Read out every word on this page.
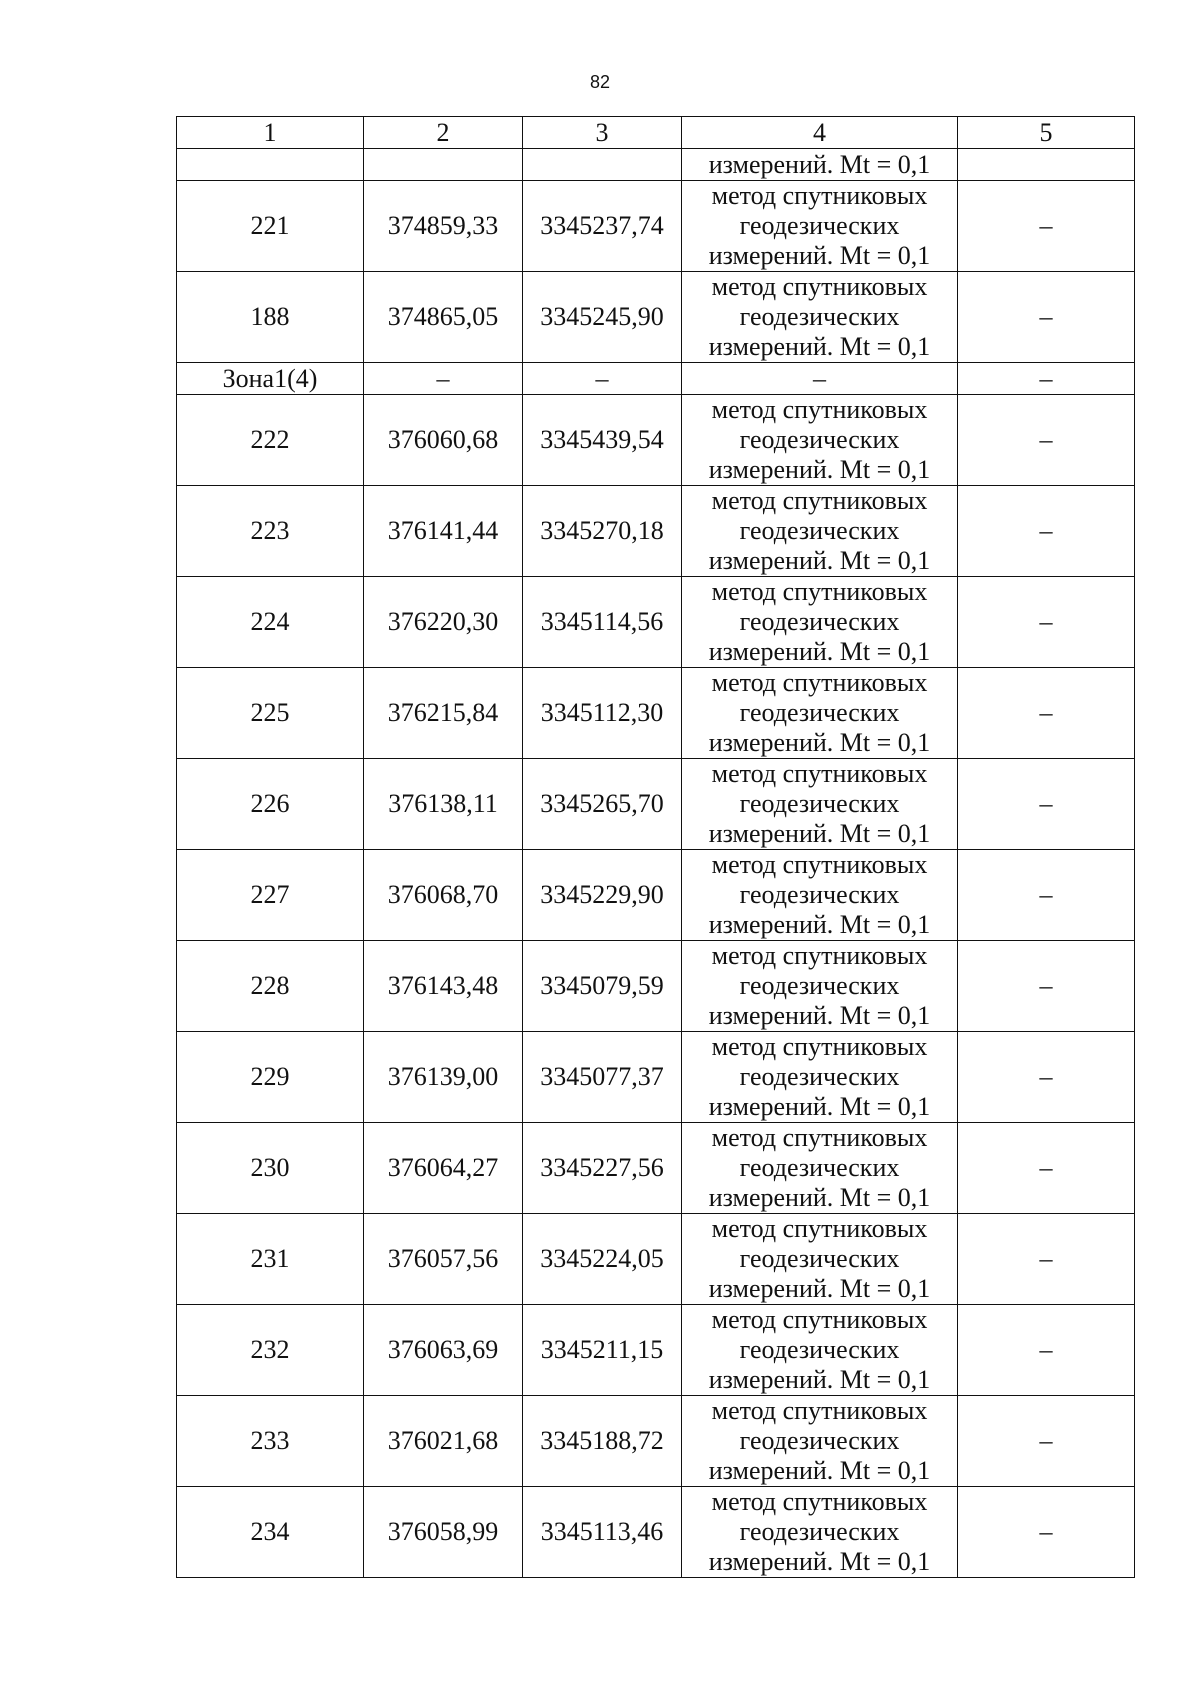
82
1	2	3	4	5
			измерений. Mt = 0,1	
221	374859,33	3345237,74	метод спутниковых
геодезических
измерений. Mt = 0,1	–
188	374865,05	3345245,90	метод спутниковых
геодезических
измерений. Mt = 0,1	–
Зона1(4)	–	–	–	–
222	376060,68	3345439,54	метод спутниковых
геодезических
измерений. Mt = 0,1	–
223	376141,44	3345270,18	метод спутниковых
геодезических
измерений. Mt = 0,1	–
224	376220,30	3345114,56	метод спутниковых
геодезических
измерений. Mt = 0,1	–
225	376215,84	3345112,30	метод спутниковых
геодезических
измерений. Mt = 0,1	–
226	376138,11	3345265,70	метод спутниковых
геодезических
измерений. Mt = 0,1	–
227	376068,70	3345229,90	метод спутниковых
геодезических
измерений. Mt = 0,1	–
228	376143,48	3345079,59	метод спутниковых
геодезических
измерений. Mt = 0,1	–
229	376139,00	3345077,37	метод спутниковых
геодезических
измерений. Mt = 0,1	–
230	376064,27	3345227,56	метод спутниковых
геодезических
измерений. Mt = 0,1	–
231	376057,56	3345224,05	метод спутниковых
геодезических
измерений. Mt = 0,1	–
232	376063,69	3345211,15	метод спутниковых
геодезических
измерений. Mt = 0,1	–
233	376021,68	3345188,72	метод спутниковых
геодезических
измерений. Mt = 0,1	–
234	376058,99	3345113,46	метод спутниковых
геодезических
измерений. Mt = 0,1	–
